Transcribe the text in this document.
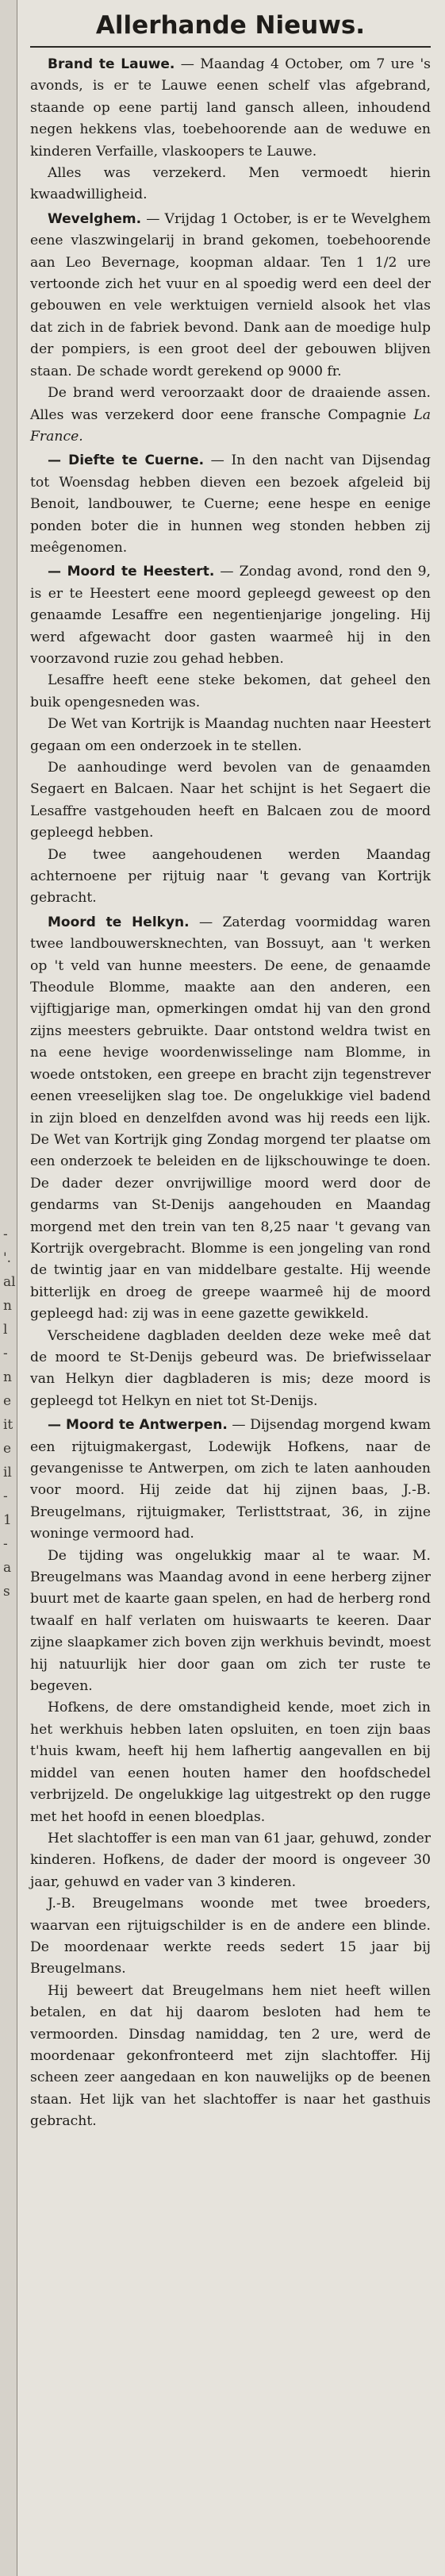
-
'.
al
n
l
-
n
e
it
e
il
-
1
-
a
s
Allerhande Nieuws.

Brand te Lauwe. — Maandag 4 October, om 7 ure 's avonds, is er te Lauwe eenen schelf vlas afgebrand, staande op eene partij land gansch alleen, inhoudend negen hekkens vlas, toebehoorende aan de weduwe en kinderen Verfaille, vlaskoopers te Lauwe.

Alles was verzekerd. Men vermoedt hierin kwaadwilligheid.

Wevelghem. — Vrijdag 1 October, is er te Wevelghem eene vlaszwingelarij in brand gekomen, toebehoorende aan Leo Bevernage, koopman aldaar. Ten 1 1/2 ure vertoonde zich het vuur en al spoedig werd een deel der gebouwen en vele werktuigen vernield alsook het vlas dat zich in de fabriek bevond. Dank aan de moedige hulp der pompiers, is een groot deel der gebouwen blijven staan. De schade wordt gerekend op 9000 fr.

De brand werd veroorzaakt door de draaiende assen. Alles was verzekerd door eene fransche Compagnie La France.

— Diefte te Cuerne. — In den nacht van Dijsendag tot Woensdag hebben dieven een bezoek afgeleid bij Benoit, landbouwer, te Cuerne; eene hespe en eenige ponden boter die in hunnen weg stonden hebben zij meêgenomen.

— Moord te Heestert. — Zondag avond, rond den 9, is er te Heestert eene moord gepleegd geweest op den genaamde Lesaffre een negentienjarige jongeling. Hij werd afgewacht door gasten waarmeê hij in den voorzavond ruzie zou gehad hebben.

Lesaffre heeft eene steke bekomen, dat geheel den buik opengesneden was.

De Wet van Kortrijk is Maandag nuchten naar Heestert gegaan om een onderzoek in te stellen.

De aanhoudinge werd bevolen van de genaamden Segaert en Balcaen. Naar het schijnt is het Segaert die Lesaffre vastgehouden heeft en Balcaen zou de moord gepleegd hebben.

De twee aangehoudenen werden Maandag achternoene per rijtuig naar 't gevang van Kortrijk gebracht.

Moord te Helkyn. — Zaterdag voormiddag waren twee landbouwersknechten, van Bossuyt, aan 't werken op 't veld van hunne meesters. De eene, de genaamde Theodule Blomme, maakte aan den anderen, een vijftigjarige man, opmerkingen omdat hij van den grond zijns meesters gebruikte. Daar ontstond weldra twist en na eene hevige woordenwisselinge nam Blomme, in woede ontstoken, een greepe en bracht zijn tegenstrever eenen vreeselijken slag toe. De ongelukkige viel badend in zijn bloed en denzelfden avond was hij reeds een lijk. De Wet van Kortrijk ging Zondag morgend ter plaatse om een onderzoek te beleiden en de lijkschouwinge te doen. De dader dezer onvrijwillige moord werd door de gendarms van St-Denijs aangehouden en Maandag morgend met den trein van ten 8,25 naar 't gevang van Kortrijk overgebracht. Blomme is een jongeling van rond de twintig jaar en van middelbare gestalte. Hij weende bitterlijk en droeg de greepe waarmeê hij de moord gepleegd had: zij was in eene gazette gewikkeld.

Verscheidene dagbladen deelden deze weke meê dat de moord te St-Denijs gebeurd was. De briefwisselaar van Helkyn dier dagbladeren is mis; deze moord is gepleegd tot Helkyn en niet tot St-Denijs.

— Moord te Antwerpen. — Dijsendag morgend kwam een rijtuigmakergast, Lodewijk Hofkens, naar de gevangenisse te Antwerpen, om zich te laten aanhouden voor moord. Hij zeide dat hij zijnen baas, J.-B. Breugelmans, rijtuigmaker, Terlisttstraat, 36, in zijne woninge vermoord had.

De tijding was ongelukkig maar al te waar. M. Breugelmans was Maandag avond in eene herberg zijner buurt met de kaarte gaan spelen, en had de herberg rond twaalf en half verlaten om huiswaarts te keeren. Daar zijne slaapkamer zich boven zijn werkhuis bevindt, moest hij natuurlijk hier door gaan om zich ter ruste te begeven.

Hofkens, de dere omstandigheid kende, moet zich in het werkhuis hebben laten opsluiten, en toen zijn baas t'huis kwam, heeft hij hem lafhertig aangevallen en bij middel van eenen houten hamer den hoofdschedel verbrijzeld. De ongelukkige lag uitgestrekt op den rugge met het hoofd in eenen bloedplas.

Het slachtoffer is een man van 61 jaar, gehuwd, zonder kinderen. Hofkens, de dader der moord is ongeveer 30 jaar, gehuwd en vader van 3 kinderen.

J.-B. Breugelmans woonde met twee broeders, waarvan een rijtuigschilder is en de andere een blinde. De moordenaar werkte reeds sedert 15 jaar bij Breugelmans.

Hij beweert dat Breugelmans hem niet heeft willen betalen, en dat hij daarom besloten had hem te vermoorden. Dinsdag namiddag, ten 2 ure, werd de moordenaar gekonfronteerd met zijn slachtoffer. Hij scheen zeer aangedaan en kon nauwelijks op de beenen staan. Het lijk van het slachtoffer is naar het gasthuis gebracht.
